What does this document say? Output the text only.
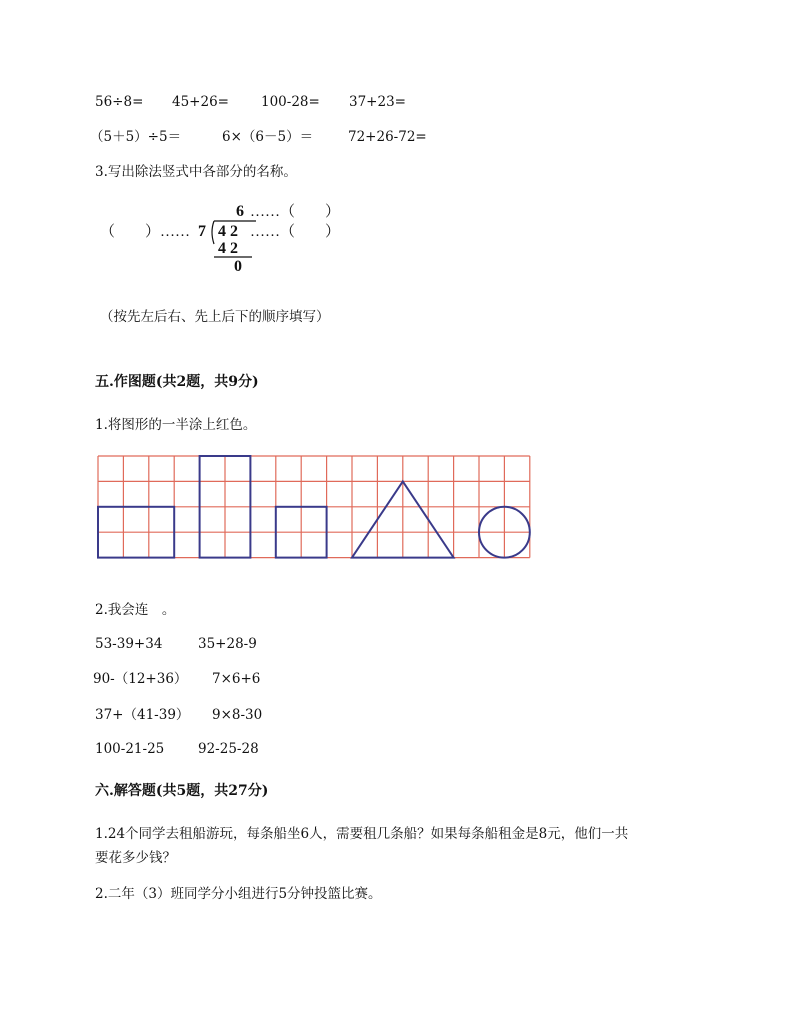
56÷8= 45+26= 100-28= 37+23=
（5＋5）÷5＝	6×（6－5）＝	72+26-72=
3.写出除法竖式中各部分的名称。
6 ……（　　）
（　　）…… 7 4 2 ……（　　）
4 2
0
（按先左后右、先上后下的顺序填写）
五.作图题(共2题，共9分)
1.将图形的一半涂上红色。
2.我会连　。
53-39+34	35+28-9
90-（12+36） 7×6+6
37+（41-39） 9×8-30
100-21-25	92-25-28
六.解答题(共5题，共27分)
1.24个同学去租船游玩，每条船坐6人，需要租几条船？如果每条船租金是8元，他们一共
要花多少钱？
2.二年（3）班同学分小组进行5分钟投篮比赛。
